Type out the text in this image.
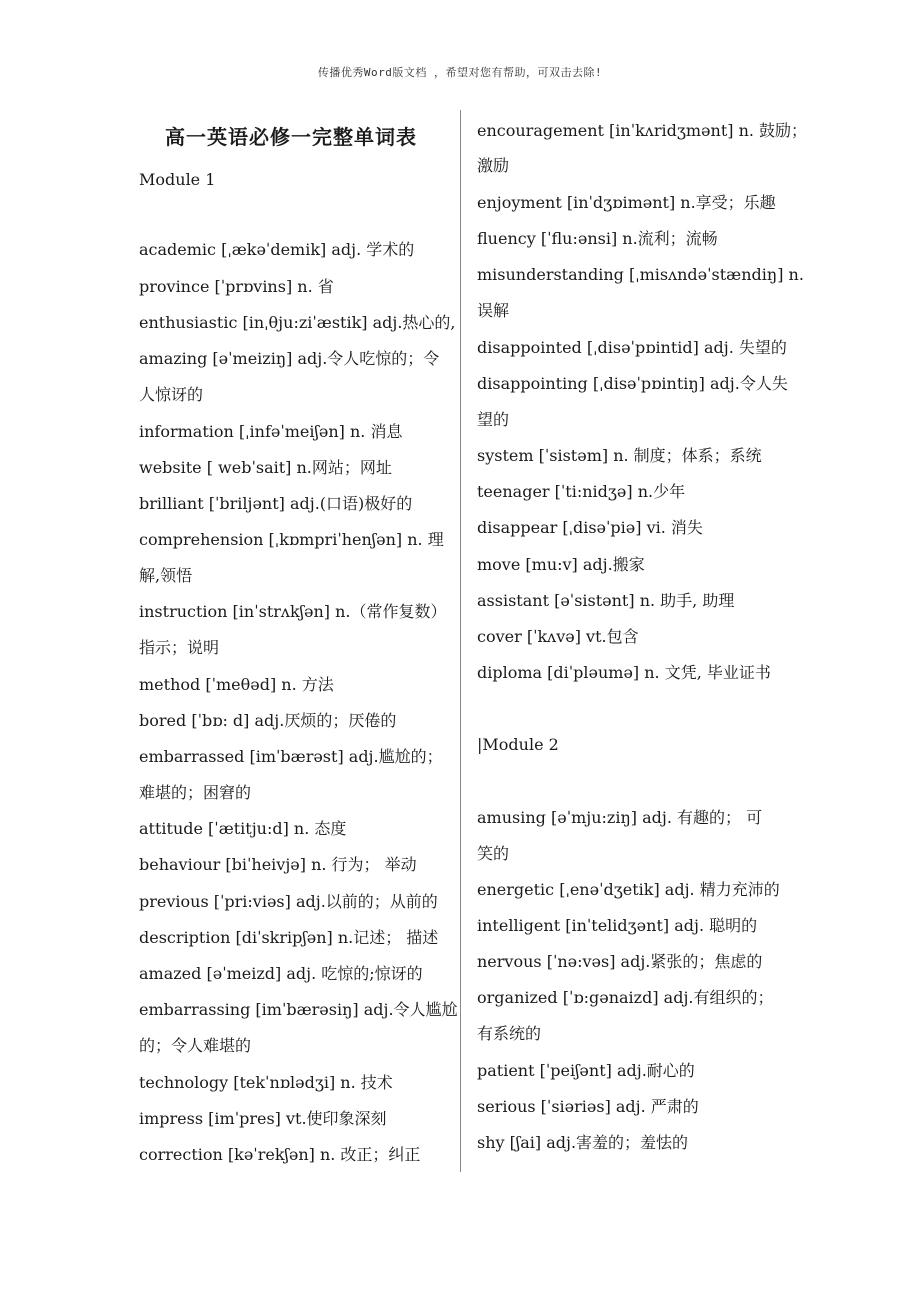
传播优秀Word版文档 ，希望对您有帮助，可双击去除!
高一英语必修一完整单词表
Module 1
academic [ˌækəˈdemik] adj. 学术的
province [ˈprɒvins] n. 省
enthusiastic [inˌθju:ziˈæstik] adj.热心的,
amazing [əˈmeiziŋ] adj.令人吃惊的；令
人惊讶的
information [ˌinfəˈmeiʃən] n. 消息
website [ webˈsait] n.网站；网址
brilliant [ˈbriljənt] adj.(口语)极好的
comprehension [ˌkɒmpriˈhenʃən] n. 理
解,领悟
instruction [inˈstrʌkʃən] n.（常作复数）
指示；说明
method [ˈmeθəd] n. 方法
bored [ˈbɒ: d] adj.厌烦的；厌倦的
embarrassed [imˈbærəst] adj.尴尬的；
难堪的；困窘的
attitude [ˈætitju:d] n. 态度
behaviour [biˈheivjə] n. 行为； 举动
previous [ˈpri:viəs] adj.以前的；从前的
description [diˈskripʃən] n.记述； 描述
amazed [əˈmeizd] adj. 吃惊的;惊讶的
embarrassing [imˈbærəsiŋ] adj.令人尴尬
的；令人难堪的
technology [tekˈnɒlədʒi] n. 技术
impress [imˈpres] vt.使印象深刻
correction [kəˈrekʃən] n. 改正；纠正
encouragement [inˈkʌridʒmənt] n. 鼓励；
激励
enjoyment [inˈdʒɒimənt] n.享受；乐趣
fluency [ˈflu:ənsi] n.流利；流畅
misunderstanding [ˌmisʌndəˈstændiŋ] n.
误解
disappointed [ˌdisəˈpɒintid] adj. 失望的
disappointing [ˌdisəˈpɒintiŋ] adj.令人失
望的
system [ˈsistəm] n. 制度；体系；系统
teenager [ˈti:nidʒə] n.少年
disappear [ˌdisəˈpiə] vi. 消失
move [mu:v] adj.搬家
assistant [əˈsistənt] n. 助手, 助理
cover [ˈkʌvə] vt.包含
diploma [diˈpləumə] n. 文凭, 毕业证书
|Module 2
amusing [əˈmju:ziŋ] adj. 有趣的； 可
笑的
energetic [ˌenəˈdʒetik] adj. 精力充沛的
intelligent [inˈtelidʒənt] adj. 聪明的
nervous [ˈnə:vəs] adj.紧张的；焦虑的
organized [ˈɒ:gənaizd] adj.有组织的；
有系统的
patient [ˈpeiʃənt] adj.耐心的
serious [ˈsiəriəs] adj. 严肃的
shy [ʃai] adj.害羞的；羞怯的
